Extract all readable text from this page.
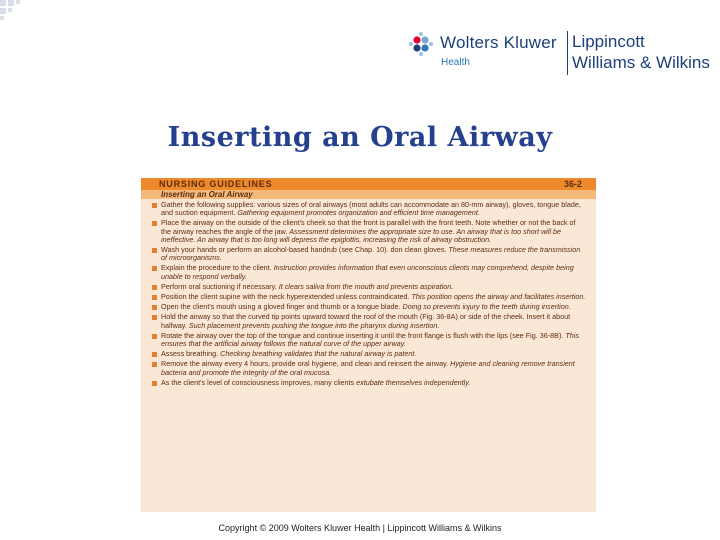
Wolters Kluwer
Health
Lippincott
Williams & Wilkins
Inserting an Oral Airway
NURSING GUIDELINES	36-2
Inserting an Oral Airway
Gather the following supplies: various sizes of oral airways (most adults can accommodate an 80-mm airway), gloves, tongue blade, and suction equipment. Gathering equipment promotes organization and efficient time management.
Place the airway on the outside of the client's cheek so that the front is parallel with the front teeth. Note whether or not the back of the airway reaches the angle of the jaw. Assessment determines the appropriate size to use. An airway that is too short will be ineffective. An airway that is too long will depress the epiglottis, increasing the risk of airway obstruction.
Wash your hands or perform an alcohol-based handrub (see Chap. 10). don clean gloves. These measures reduce the transmission of microorganisms.
Explain the procedure to the client. Instruction provides information that even unconscious clients may comprehend, despite being unable to respond verbally.
Perform oral suctioning if necessary. It clears saliva from the mouth and prevents aspiration.
Position the client supine with the neck hyperextended unless contraindicated. This position opens the airway and facilitates insertion.
Open the client's mouth using a gloved finger and thumb or a tongue blade. Doing so prevents injury to the teeth during insertion.
Hold the airway so that the curved tip points upward toward the roof of the mouth (Fig. 36-8A) or side of the cheek. Insert it about halfway. Such placement prevents pushing the tongue into the pharynx during insertion.
Rotate the airway over the top of the tongue and continue inserting it until the front flange is flush with the lips (see Fig. 36-8B). This ensures that the artificial airway follows the natural curve of the upper airway.
Assess breathing. Checking breathing validates that the natural airway is patent.
Remove the airway every 4 hours, provide oral hygiene, and clean and reinsert the airway. Hygiene and cleaning remove transient bacteria and promote the integrity of the oral mucosa.
As the client's level of consciousness improves, many clients extubate themselves independently.
Copyright © 2009 Wolters Kluwer Health | Lippincott Williams & Wilkins
